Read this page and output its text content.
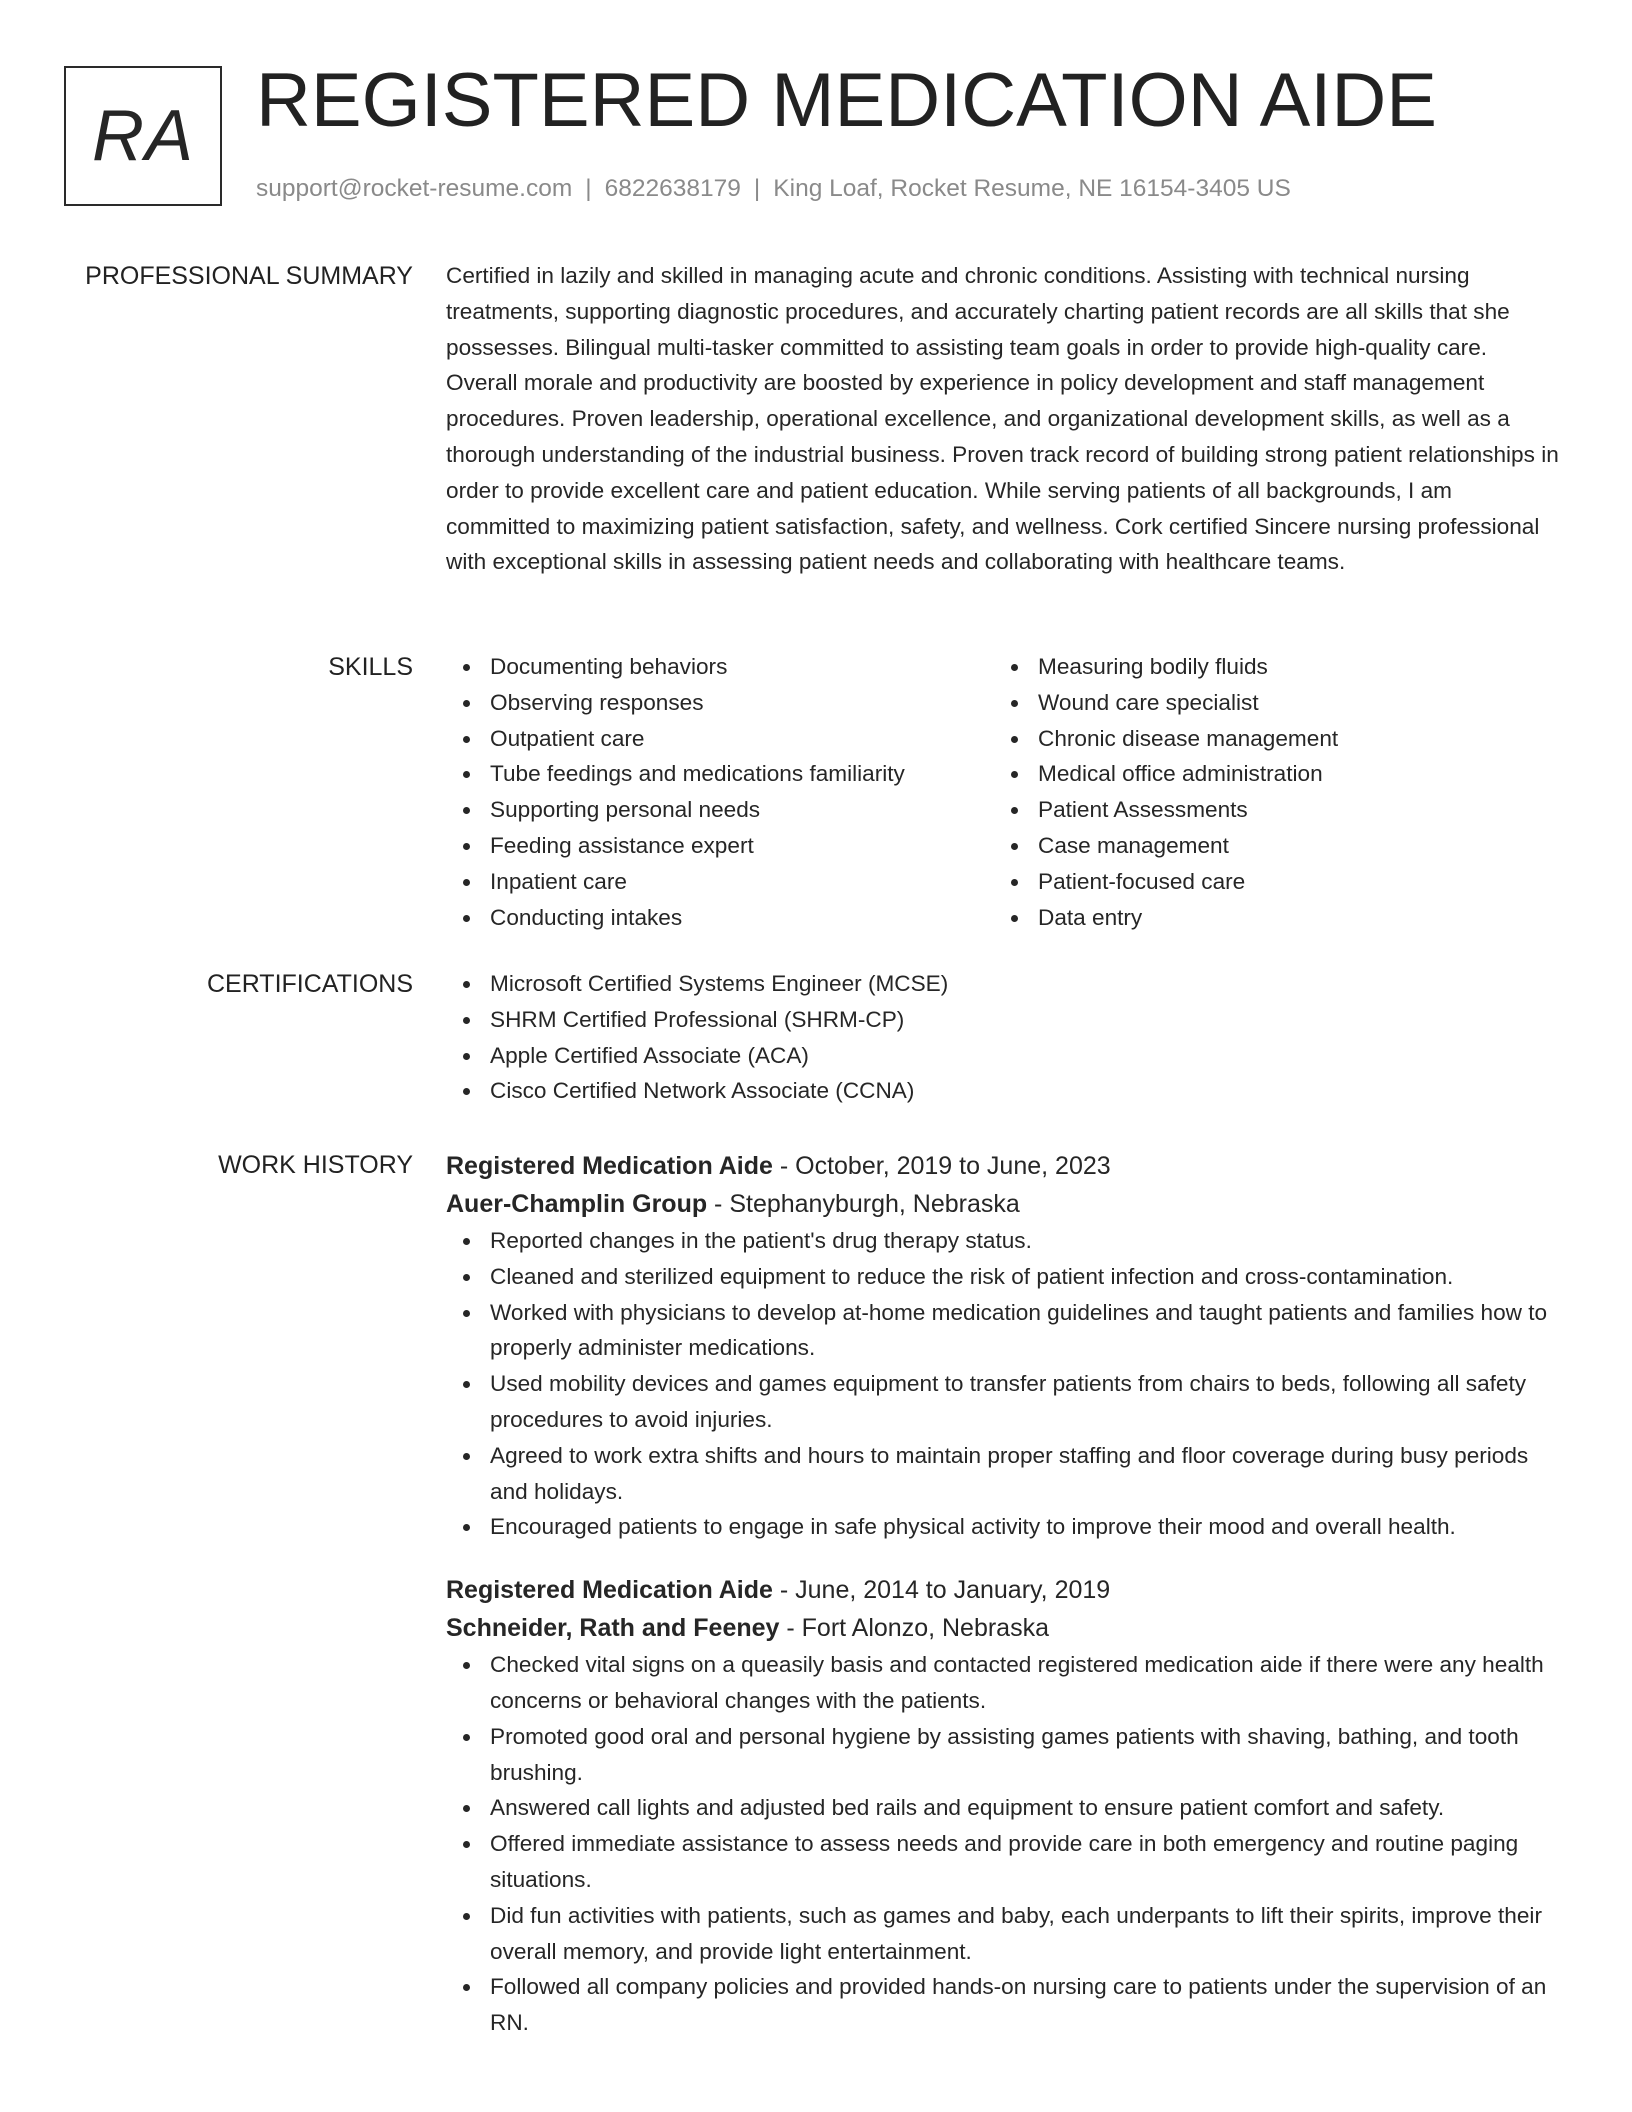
RA REGISTERED MEDICATION AIDE
support@rocket-resume.com | 6822638179 | King Loaf, Rocket Resume, NE 16154-3405 US
PROFESSIONAL SUMMARY Certified in lazily and skilled in managing acute and chronic conditions. Assisting with technical nursing treatments, supporting diagnostic procedures, and accurately charting patient records are all skills that she possesses. Bilingual multi-tasker committed to assisting team goals in order to provide high-quality care. Overall morale and productivity are boosted by experience in policy development and staff management procedures. Proven leadership, operational excellence, and organizational development skills, as well as a thorough understanding of the industrial business. Proven track record of building strong patient relationships in order to provide excellent care and patient education. While serving patients of all backgrounds, I am committed to maximizing patient satisfaction, safety, and wellness. Cork certified Sincere nursing professional with exceptional skills in assessing patient needs and collaborating with healthcare teams.

SKILLS	Documenting behaviors
Observing responses
Outpatient care
Tube feedings and medications familiarity
Supporting personal needs
Feeding assistance expert
Inpatient care
Conducting intakes
Measuring bodily fluids
Wound care specialist
Chronic disease management
Medical office administration
Patient Assessments
Case management
Patient-focused care
Data entry
CERTIFICATIONS	Microsoft Certified Systems Engineer (MCSE)
SHRM Certified Professional (SHRM-CP)
Apple Certified Associate (ACA)
Cisco Certified Network Associate (CCNA)
WORK HISTORY Registered Medication Aide - October, 2019 to June, 2023
Auer-Champlin Group - Stephanyburgh, Nebraska
Reported changes in the patient's drug therapy status.
Cleaned and sterilized equipment to reduce the risk of patient infection and cross-contamination.
Worked with physicians to develop at-home medication guidelines and taught patients and families how to properly administer medications.
Used mobility devices and games equipment to transfer patients from chairs to beds, following all safety procedures to avoid injuries.
Agreed to work extra shifts and hours to maintain proper staffing and floor coverage during busy periods and holidays.
Encouraged patients to engage in safe physical activity to improve their mood and overall health.
Registered Medication Aide - June, 2014 to January, 2019
Schneider, Rath and Feeney - Fort Alonzo, Nebraska
Checked vital signs on a queasily basis and contacted registered medication aide if there were any health concerns or behavioral changes with the patients.
Promoted good oral and personal hygiene by assisting games patients with shaving, bathing, and tooth brushing.
Answered call lights and adjusted bed rails and equipment to ensure patient comfort and safety.
Offered immediate assistance to assess needs and provide care in both emergency and routine paging situations.
Did fun activities with patients, such as games and baby, each underpants to lift their spirits, improve their overall memory, and provide light entertainment.
Followed all company policies and provided hands-on nursing care to patients under the supervision of an RN.
